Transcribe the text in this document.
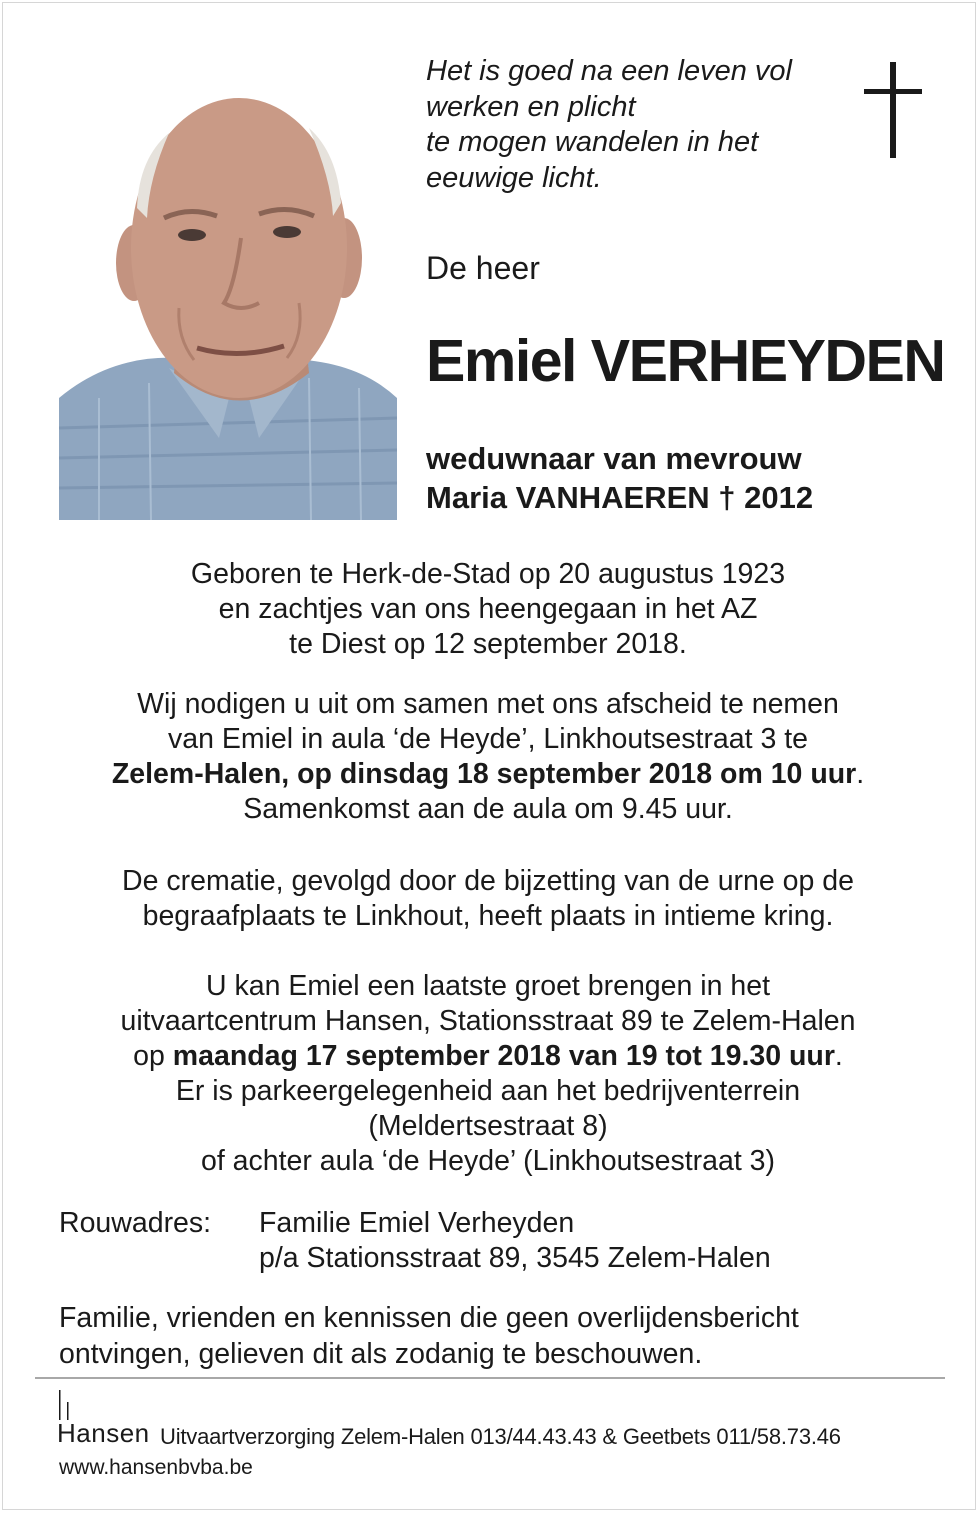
Het is goed na een leven vol
werken en plicht
te mogen wandelen in het
eeuwige licht.
De heer
Emiel VERHEYDEN
weduwnaar van mevrouw
Maria VANHAEREN † 2012
Geboren te Herk-de-Stad op 20 augustus 1923
en zachtjes van ons heengegaan in het AZ
te Diest op 12 september 2018.
Wij nodigen u uit om samen met ons afscheid te nemen
van Emiel in aula ‘de Heyde’, Linkhoutsestraat 3 te
Zelem-Halen, op dinsdag 18 september 2018 om 10 uur.
Samenkomst aan de aula om 9.45 uur.
De crematie, gevolgd door de bijzetting van de urne op de
begraafplaats te Linkhout, heeft plaats in intieme kring.
U kan Emiel een laatste groet brengen in het
uitvaartcentrum Hansen, Stationsstraat 89 te Zelem-Halen
op maandag 17 september 2018 van 19 tot 19.30 uur.
Er is parkeergelegenheid aan het bedrijventerrein
(Meldertsestraat 8)
of achter aula ‘de Heyde’ (Linkhoutsestraat 3)
Rouwadres: Familie Emiel Verheyden
p/a Stationsstraat 89, 3545 Zelem-Halen
Familie, vrienden en kennissen die geen overlijdensbericht
ontvingen, gelieven dit als zodanig te beschouwen.
Hansen Uitvaartverzorging Zelem-Halen 013/44.43.43 & Geetbets 011/58.73.46
www.hansenbvba.be
